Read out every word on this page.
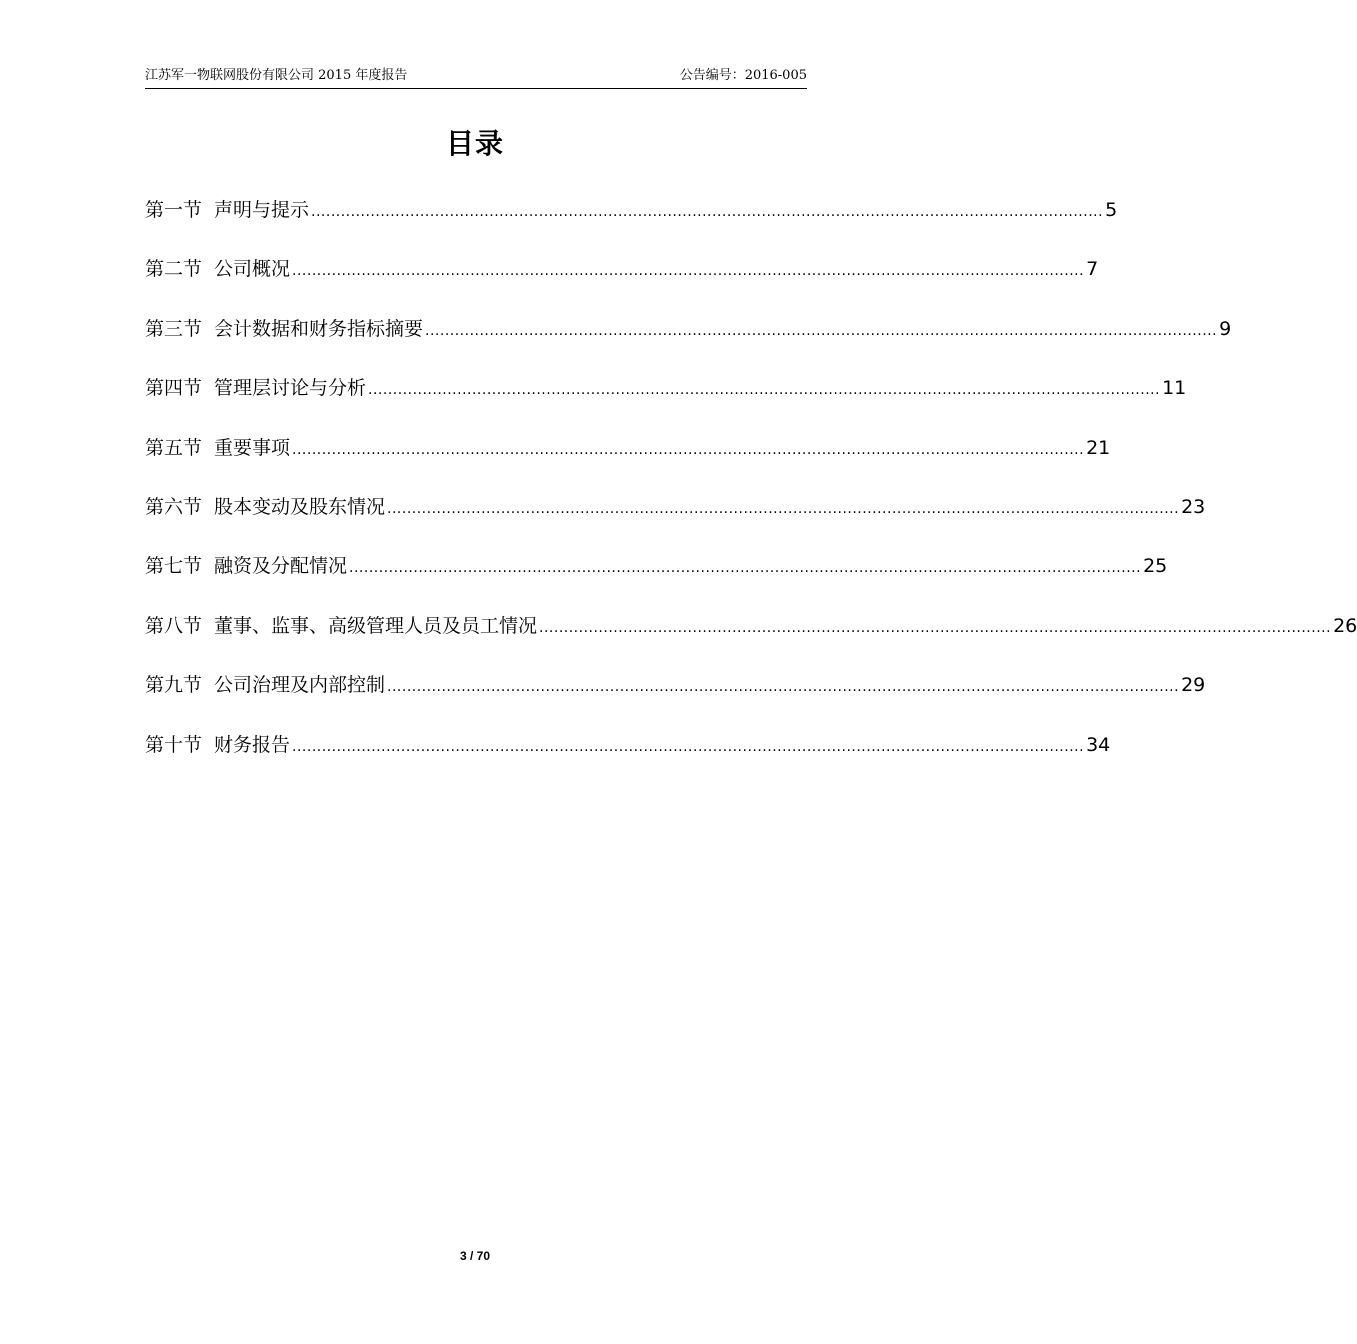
江苏军一物联网股份有限公司 2015 年度报告	公告编号：2016-005
目录
第一节 声明与提示 ................................................................................................................................................................ 5
第二节 公司概况 ................................................................................................................................................................ 7
第三节 会计数据和财务指标摘要 ................................................................................................................................................................ 9
第四节 管理层讨论与分析 ................................................................................................................................................................ 11
第五节 重要事项 ................................................................................................................................................................ 21
第六节 股本变动及股东情况 ................................................................................................................................................................ 23
第七节 融资及分配情况 ................................................................................................................................................................ 25
第八节 董事、监事、高级管理人员及员工情况 ................................................................................................................................................................ 26
第九节 公司治理及内部控制 ................................................................................................................................................................ 29
第十节 财务报告 ................................................................................................................................................................ 34
3 / 70
